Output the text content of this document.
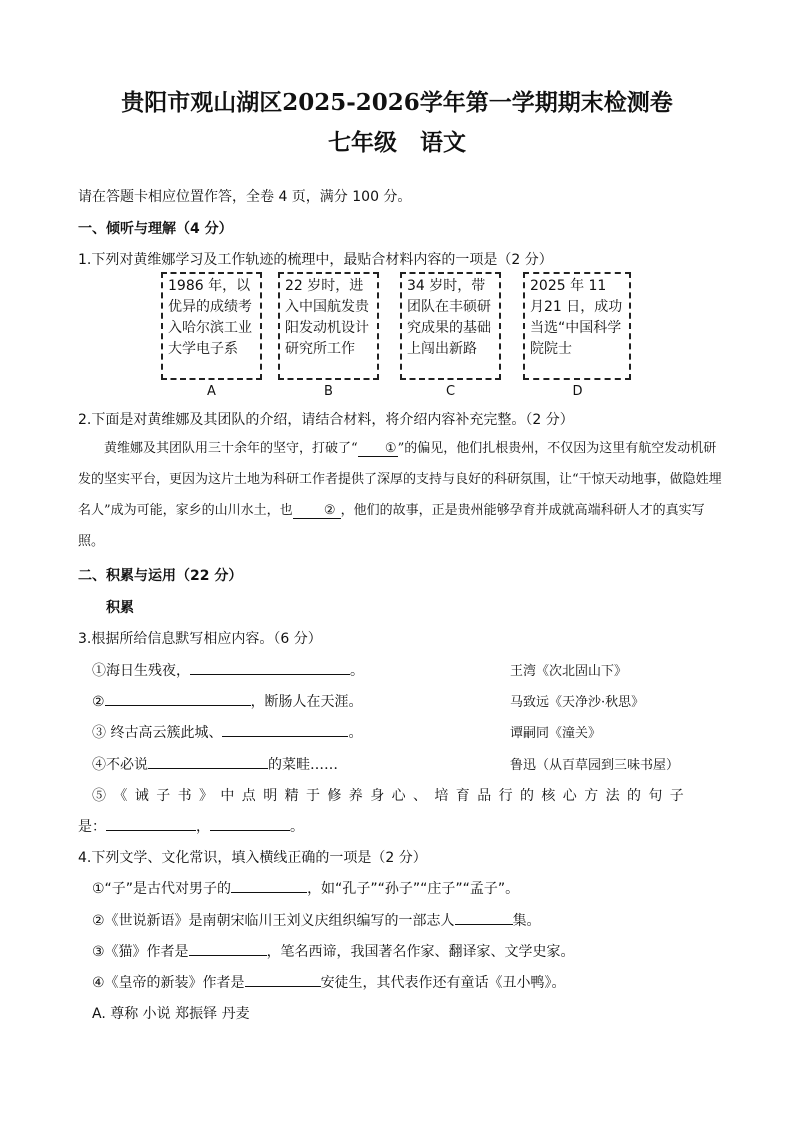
贵阳市观山湖区2025-2026学年第一学期期末检测卷
七年级　语文
请在答题卡相应位置作答，全卷 4 页，满分 100 分。
一、倾听与理解（4 分）
1.下列对黄维娜学习及工作轨迹的梳理中，最贴合材料内容的一项是（2 分）
1986 年，以优异的成绩考入哈尔滨工业大学电子系
22 岁时，进入中国航发贵阳发动机设计研究所工作
34 岁时，带团队在丰硕研究成果的基础上闯出新路
2025 年 11 月21 日，成功当选“中国科学院院士
A	B	C	D
2.下面是对黄维娜及其团队的介绍，请结合材料，将介绍内容补充完整。（2 分）
黄维娜及其团队用三十余年的坚守，打破了“ ①”的偏见，他们扎根贵州，不仅因为这里有航空发动机研发的坚实平台，更因为这片土地为科研工作者提供了深厚的支持与良好的科研氛围，让“干惊天动地事，做隐姓埋名人”成为可能，家乡的山川水土，也 ② ，他们的故事，正是贵州能够孕育并成就高端科研人才的真实写照。
二、积累与运用（22 分）
积累
3.根据所给信息默写相应内容。（6 分）
①海日生残夜，	。	王湾《次北固山下》
②	，断肠人在天涯。	马致远《天净沙·秋思》
③ 终古高云簇此城、	。	谭嗣同《潼关》
④不必说	的菜畦……	鲁迅（从百草园到三味书屋）
⑤《诫子书》中点明精于修养身心、培育品行的核心方法的句子
是：	，	。
4.下列文学、文化常识，填入横线正确的一项是（2 分）
①“子”是古代对男子的	，如“孔子”“孙子”“庄子”“孟子”。
②《世说新语》是南朝宋临川王刘义庆组织编写的一部志人	集。
③《猫》作者是	，笔名西谛，我国著名作家、翻译家、文学史家。
④《皇帝的新装》作者是	安徒生，其代表作还有童话《丑小鸭》。
A. 尊称 小说 郑振铎 丹麦
